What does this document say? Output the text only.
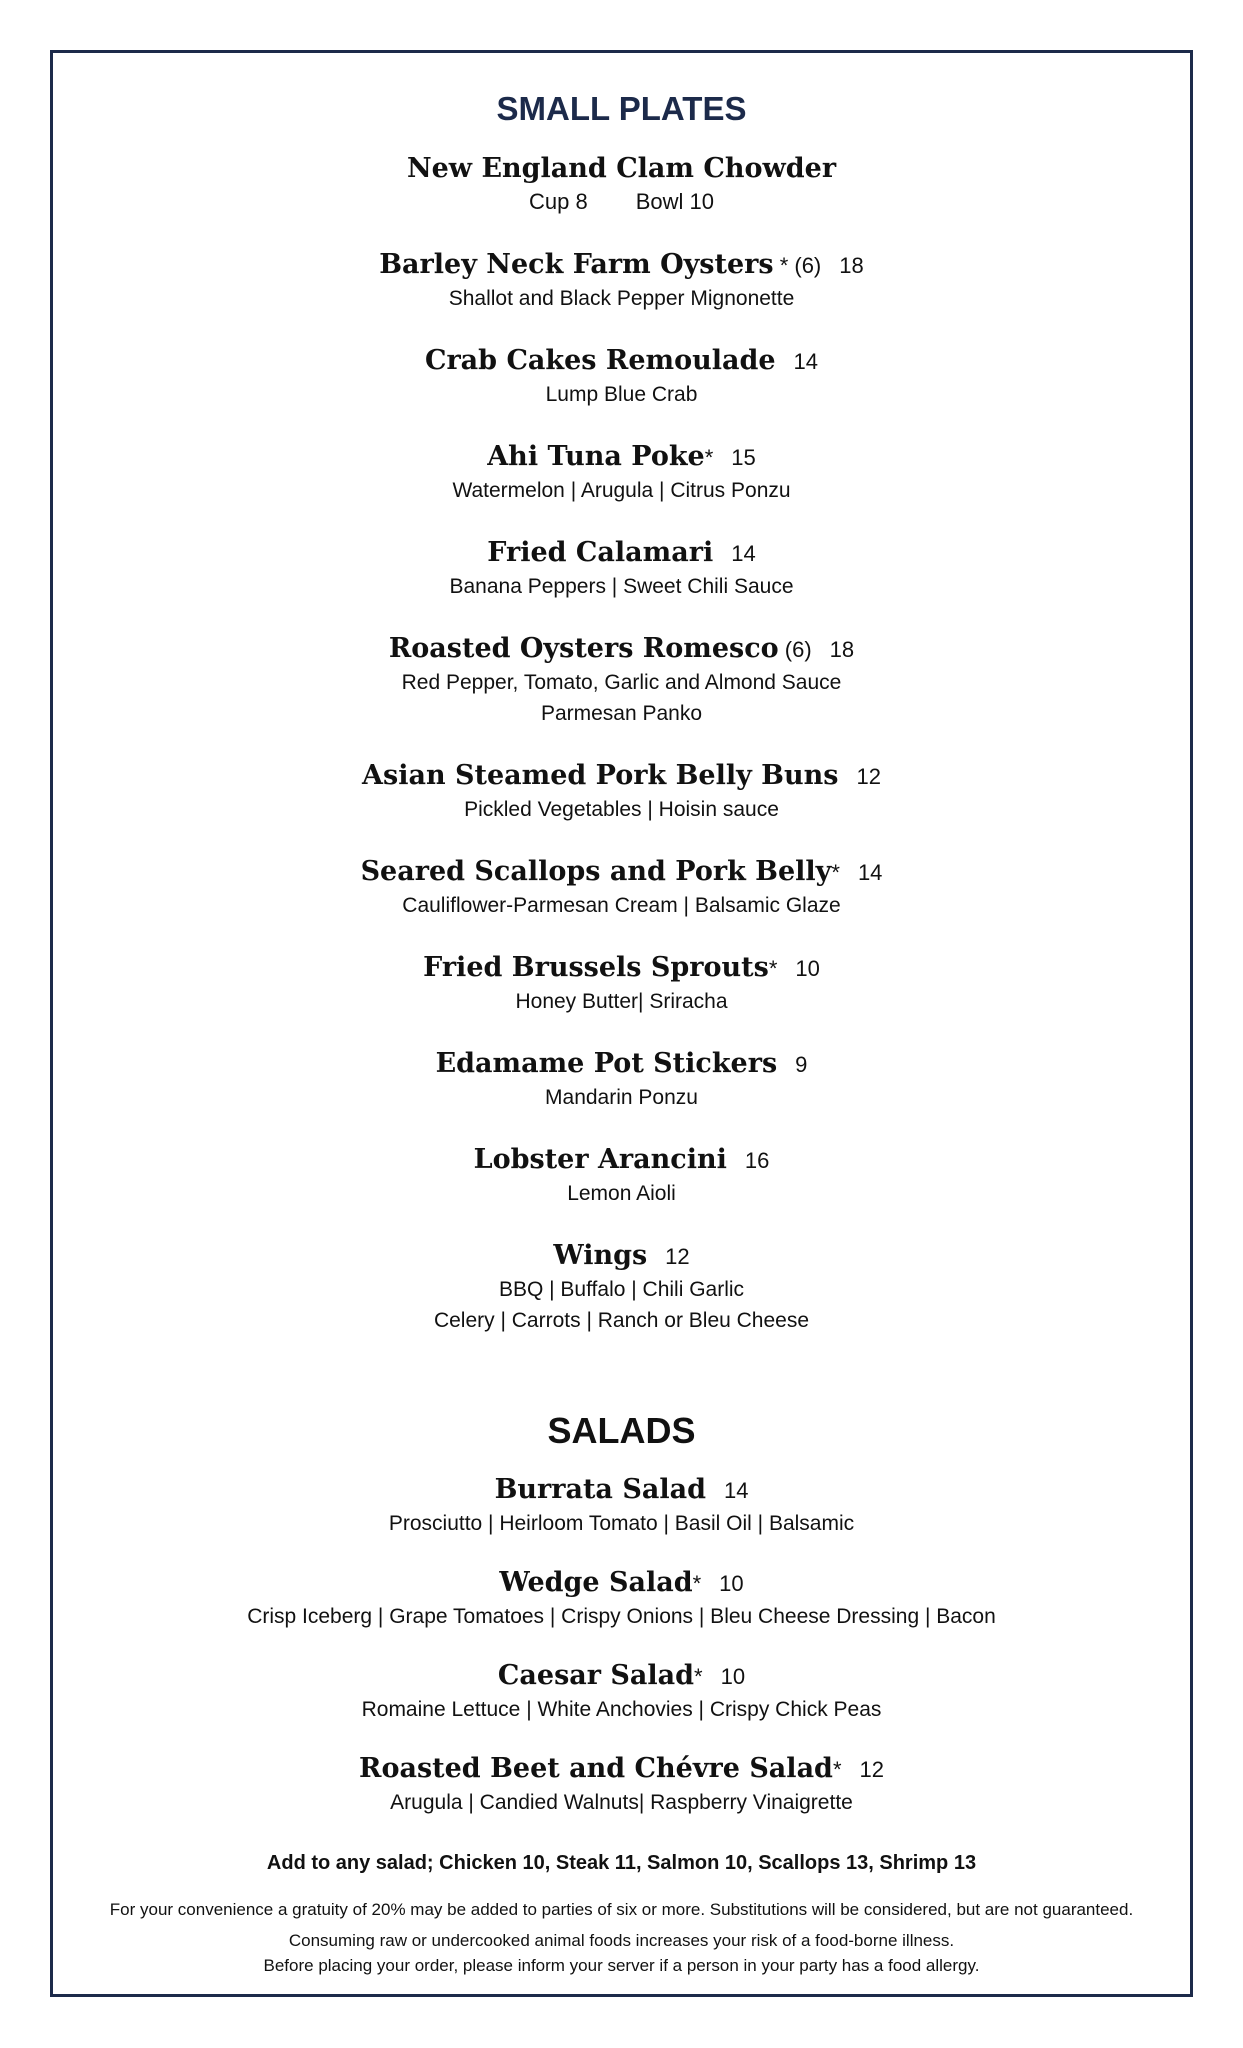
SMALL PLATES
New England Clam Chowder
Cup 8 Bowl 10
Barley Neck Farm Oysters * (6) 18
Shallot and Black Pepper Mignonette
Crab Cakes Remoulade 14
Lump Blue Crab
Ahi Tuna Poke* 15
Watermelon | Arugula | Citrus Ponzu
Fried Calamari 14
Banana Peppers | Sweet Chili Sauce
Roasted Oysters Romesco (6) 18
Red Pepper, Tomato, Garlic and Almond Sauce
Parmesan Panko
Asian Steamed Pork Belly Buns 12
Pickled Vegetables | Hoisin sauce
Seared Scallops and Pork Belly* 14
Cauliflower-Parmesan Cream | Balsamic Glaze
Fried Brussels Sprouts* 10
Honey Butter| Sriracha
Edamame Pot Stickers 9
Mandarin Ponzu
Lobster Arancini 16
Lemon Aioli
Wings 12
BBQ | Buffalo | Chili Garlic
Celery | Carrots | Ranch or Bleu Cheese
SALADS
Burrata Salad 14
Prosciutto | Heirloom Tomato | Basil Oil | Balsamic
Wedge Salad* 10
Crisp Iceberg | Grape Tomatoes | Crispy Onions | Bleu Cheese Dressing | Bacon
Caesar Salad* 10
Romaine Lettuce | White Anchovies | Crispy Chick Peas
Roasted Beet and Chévre Salad* 12
Arugula | Candied Walnuts| Raspberry Vinaigrette
Add to any salad; Chicken 10, Steak 11, Salmon 10, Scallops 13, Shrimp 13
For your convenience a gratuity of 20% may be added to parties of six or more. Substitutions will be considered, but are not guaranteed.
Consuming raw or undercooked animal foods increases your risk of a food-borne illness.
Before placing your order, please inform your server if a person in your party has a food allergy.
